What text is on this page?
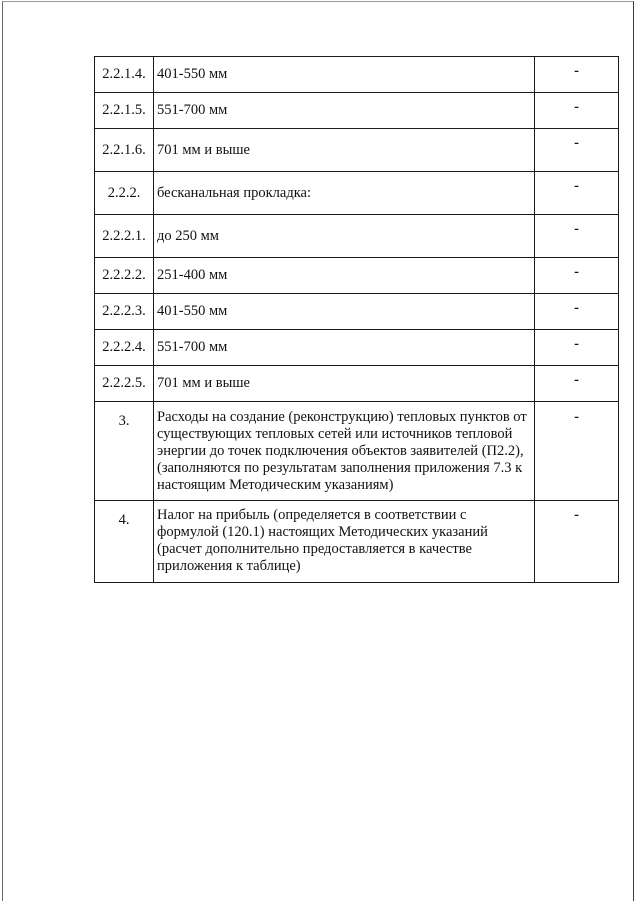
2.2.1.4.	401-550 мм	-
2.2.1.5.	551-700 мм	-
2.2.1.6.	701 мм и выше	-
2.2.2.	бесканальная прокладка:	-
2.2.2.1.	до 250 мм	-
2.2.2.2.	251-400 мм	-
2.2.2.3.	401-550 мм	-
2.2.2.4.	551-700 мм	-
2.2.2.5.	701 мм и выше	-
3.	Расходы на создание (реконструкцию) тепловых пунктов от существующих тепловых сетей или источников тепловой энергии до точек подключения объектов заявителей (П2.2), (заполняются по результатам заполнения приложения 7.3 к настоящим Методическим указаниям)	-
4.	Налог на прибыль (определяется в соответствии с формулой (120.1) настоящих Методических указаний (расчет дополнительно предоставляется в качестве приложения к таблице)	-
